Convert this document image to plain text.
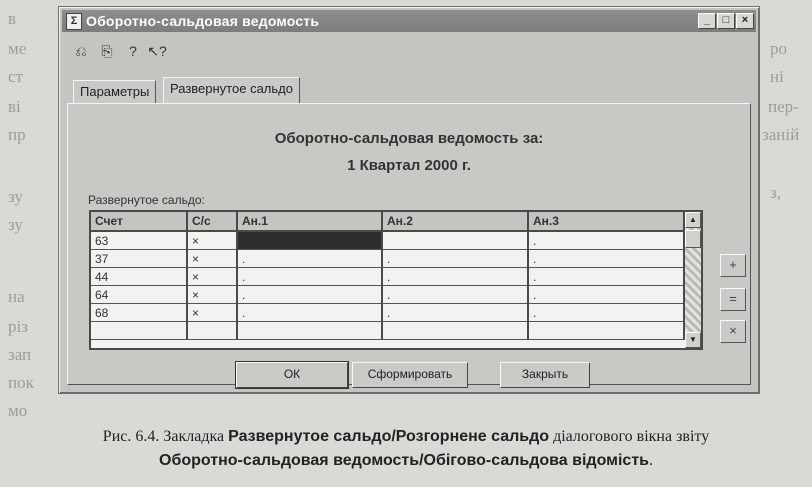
в
ме
ст
ві
пр
з,
ро
ні
пер-
заній
зу
на
різ
зап
зу
пок
мо
Σ Оборотно-сальдовая ведомость	_	□	×
⎌	⎘	? ↖?
Параметры	Развернутое сальдо
Оборотно-сальдовая ведомость за:
1 Квартал 2000 г.
Развернутое сальдо:
Счет	С/с	Ан.1	Ан.2	Ан.3
63	×			.
37	×	.	.	.
44	×	.	.	.
64	×	.	.	.
68	×	.	.	.

▲
▼
+
=
×
ОК	Сформировать	Закрыть
Рис. 6.4. Закладка Развернутое сальдо/Розгорнене сальдо діалогового вікна звіту
Оборотно-сальдовая ведомость/Обігово-сальдова відомість.
